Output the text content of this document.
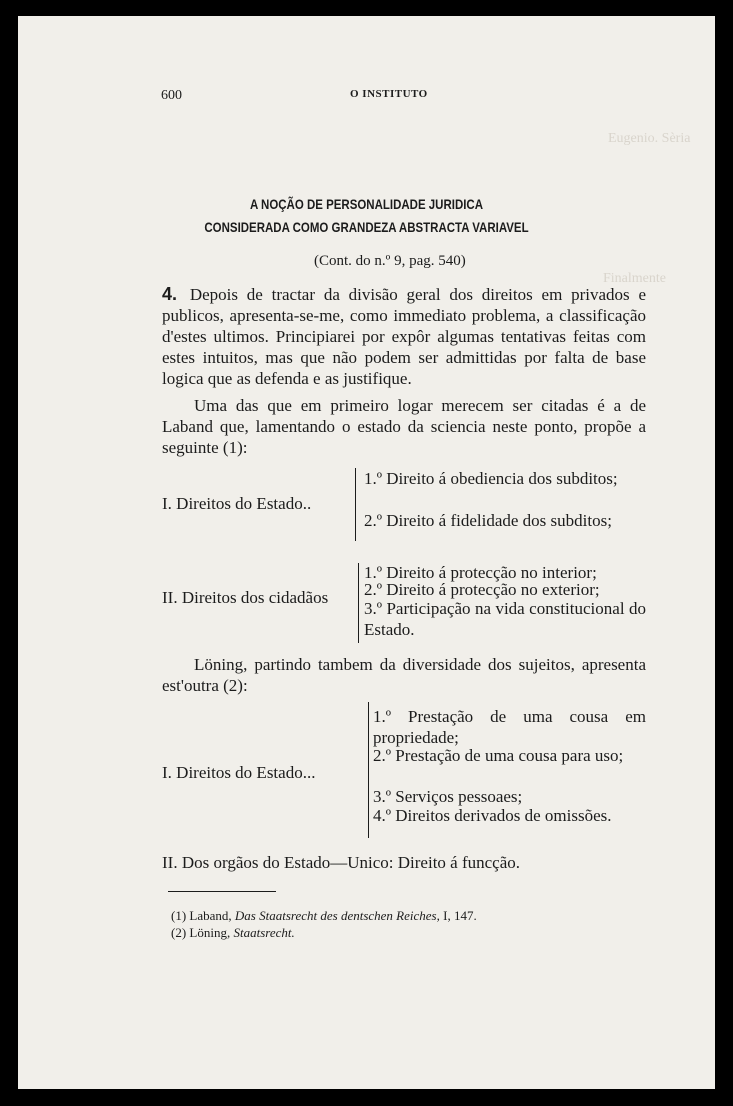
Eugenio. Sèria
Finalmente
600	O INSTITUTO
A NOÇÃO DE PERSONALIDADE JURIDICA
CONSIDERADA COMO GRANDEZA ABSTRACTA VARIAVEL
(Cont. do n.º 9, pag. 540)
4. Depois de tractar da divisão geral dos direitos em privados e publicos, apresenta-se-me, como immediato problema, a classificação d'estes ultimos. Principiarei por expôr algumas tentativas feitas com estes intuitos, mas que não podem ser admittidas por falta de base logica que as defenda e as justifique.
Uma das que em primeiro logar merecem ser citadas é a de Laband que, lamentando o estado da sciencia neste ponto, propõe a seguinte (1):
I. Direitos do Estado..
1.º Direito á obediencia dos subditos;
2.º Direito á fidelidade dos subditos;
II. Direitos dos cidadãos
1.º Direito á protecção no interior;
2.º Direito á protecção no exterior;
3.º Participação na vida constitucional do Estado.
Löning, partindo tambem da diversidade dos sujeitos, apresenta est'outra (2):
I. Direitos do Estado...
1.º Prestação de uma cousa em propriedade;
2.º Prestação de uma cousa para uso;
3.º Serviços pessoaes;
4.º Direitos derivados de omissões.
II. Dos orgãos do Estado—Unico: Direito á funcção.
(1) Laband, Das Staatsrecht des dentschen Reiches, I, 147.
(2) Löning, Staatsrecht.
